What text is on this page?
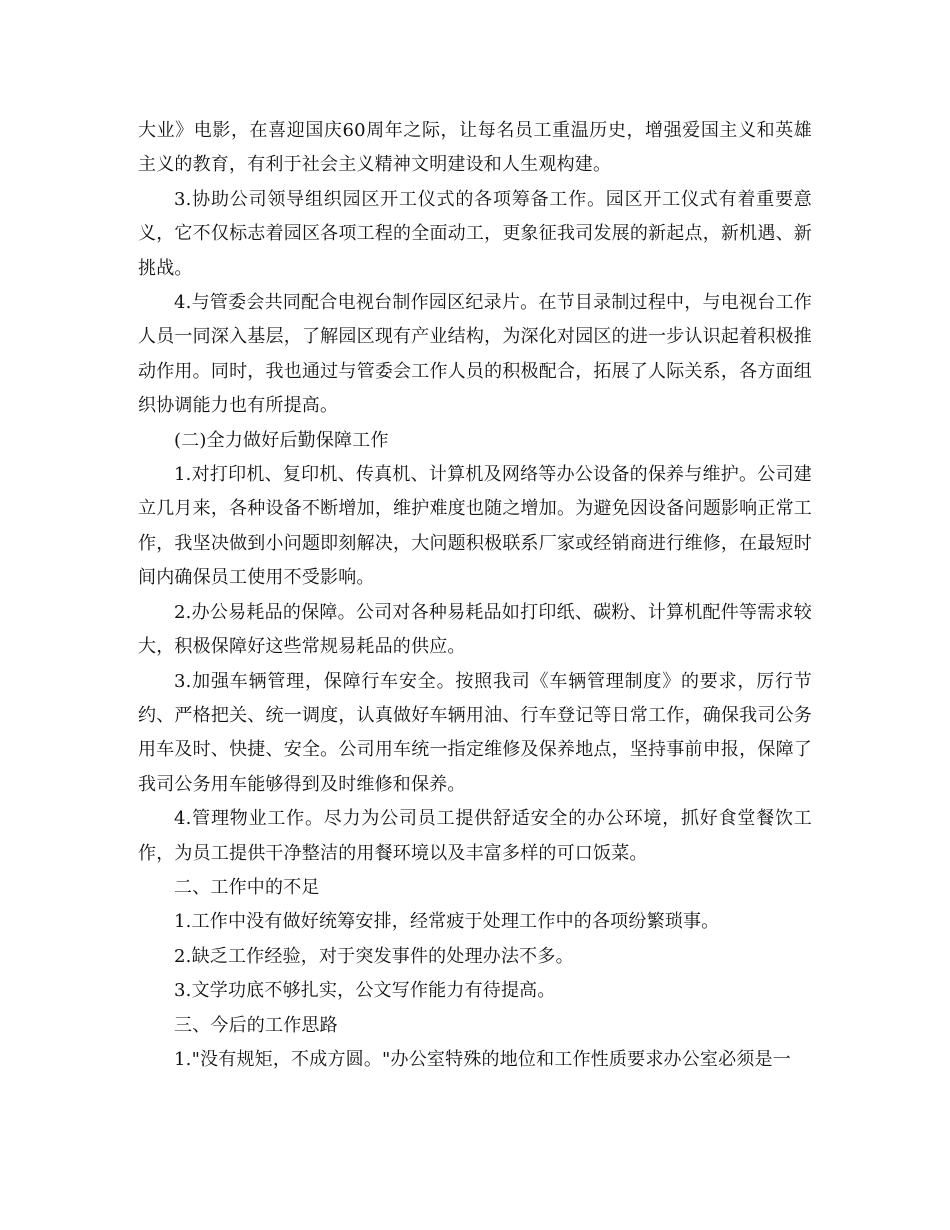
大业》电影，在喜迎国庆60周年之际，让每名员工重温历史，增强爱国主义和英雄主义的教育，有利于社会主义精神文明建设和人生观构建。

3.协助公司领导组织园区开工仪式的各项筹备工作。园区开工仪式有着重要意义，它不仅标志着园区各项工程的全面动工，更象征我司发展的新起点，新机遇、新挑战。

4.与管委会共同配合电视台制作园区纪录片。在节目录制过程中，与电视台工作人员一同深入基层，了解园区现有产业结构，为深化对园区的进一步认识起着积极推动作用。同时，我也通过与管委会工作人员的积极配合，拓展了人际关系，各方面组织协调能力也有所提高。

(二)全力做好后勤保障工作

1.对打印机、复印机、传真机、计算机及网络等办公设备的保养与维护。公司建立几月来，各种设备不断增加，维护难度也随之增加。为避免因设备问题影响正常工作，我坚决做到小问题即刻解决，大问题积极联系厂家或经销商进行维修，在最短时间内确保员工使用不受影响。

2.办公易耗品的保障。公司对各种易耗品如打印纸、碳粉、计算机配件等需求较大，积极保障好这些常规易耗品的供应。

3.加强车辆管理，保障行车安全。按照我司《车辆管理制度》的要求，厉行节约、严格把关、统一调度，认真做好车辆用油、行车登记等日常工作，确保我司公务用车及时、快捷、安全。公司用车统一指定维修及保养地点，坚持事前申报，保障了我司公务用车能够得到及时维修和保养。

4.管理物业工作。尽力为公司员工提供舒适安全的办公环境，抓好食堂餐饮工作，为员工提供干净整洁的用餐环境以及丰富多样的可口饭菜。

二、工作中的不足

1.工作中没有做好统筹安排，经常疲于处理工作中的各项纷繁琐事。

2.缺乏工作经验，对于突发事件的处理办法不多。

3.文学功底不够扎实，公文写作能力有待提高。

三、今后的工作思路

1."没有规矩，不成方圆。"办公室特殊的地位和工作性质要求办公室必须是一
